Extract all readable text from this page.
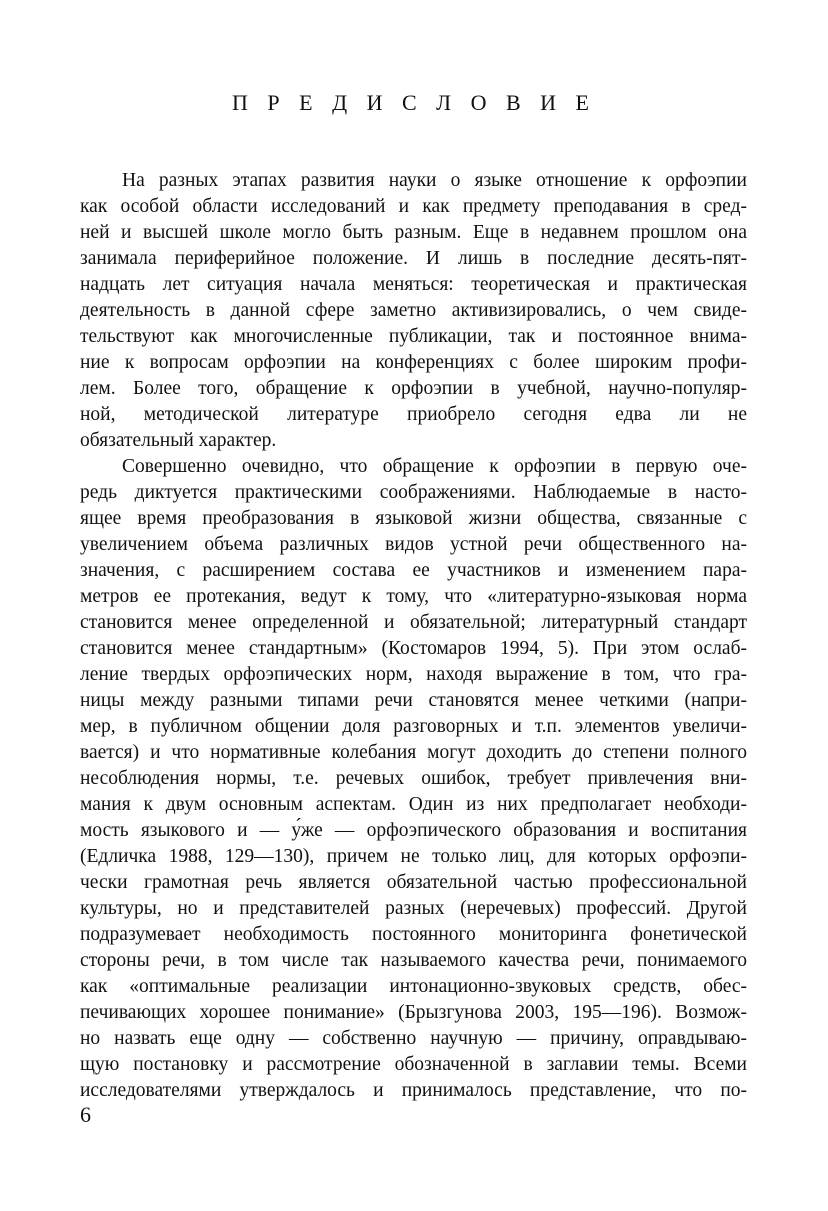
П Р Е Д И С Л О В И Е
На разных этапах развития науки о языке отношение к орфоэпии
как особой области исследований и как предмету преподавания в сред-
ней и высшей школе могло быть разным. Еще в недавнем прошлом она
занимала периферийное положение. И лишь в последние десять-пят-
надцать лет ситуация начала меняться: теоретическая и практическая
деятельность в данной сфере заметно активизировались, о чем свиде-
тельствуют как многочисленные публикации, так и постоянное внима-
ние к вопросам орфоэпии на конференциях с более широким профи-
лем. Более того, обращение к орфоэпии в учебной, научно-популяр-
ной, методической литературе приобрело сегодня едва ли не
обязательный характер.
Совершенно очевидно, что обращение к орфоэпии в первую оче-
редь диктуется практическими соображениями. Наблюдаемые в насто-
ящее время преобразования в языковой жизни общества, связанные с
увеличением объема различных видов устной речи общественного на-
значения, с расширением состава ее участников и изменением пара-
метров ее протекания, ведут к тому, что «литературно-языковая норма
становится менее определенной и обязательной; литературный стандарт
становится менее стандартным» (Костомаров 1994, 5). При этом ослаб-
ление твердых орфоэпических норм, находя выражение в том, что гра-
ницы между разными типами речи становятся менее четкими (напри-
мер, в публичном общении доля разговорных и т.п. элементов увеличи-
вается) и что нормативные колебания могут доходить до степени полного
несоблюдения нормы, т.е. речевых ошибок, требует привлечения вни-
мания к двум основным аспектам. Один из них предполагает необходи-
мость языкового и — у́же — орфоэпического образования и воспитания
(Едличка 1988, 129—130), причем не только лиц, для которых орфоэпи-
чески грамотная речь является обязательной частью профессиональной
культуры, но и представителей разных (неречевых) профессий. Другой
подразумевает необходимость постоянного мониторинга фонетической
стороны речи, в том числе так называемого качества речи, понимаемого
как «оптимальные реализации интонационно-звуковых средств, обес-
печивающих хорошее понимание» (Брызгунова 2003, 195—196). Возмож-
но назвать еще одну — собственно научную — причину, оправдываю-
щую постановку и рассмотрение обозначенной в заглавии темы. Всеми
исследователями утверждалось и принималось представление, что по-
6
